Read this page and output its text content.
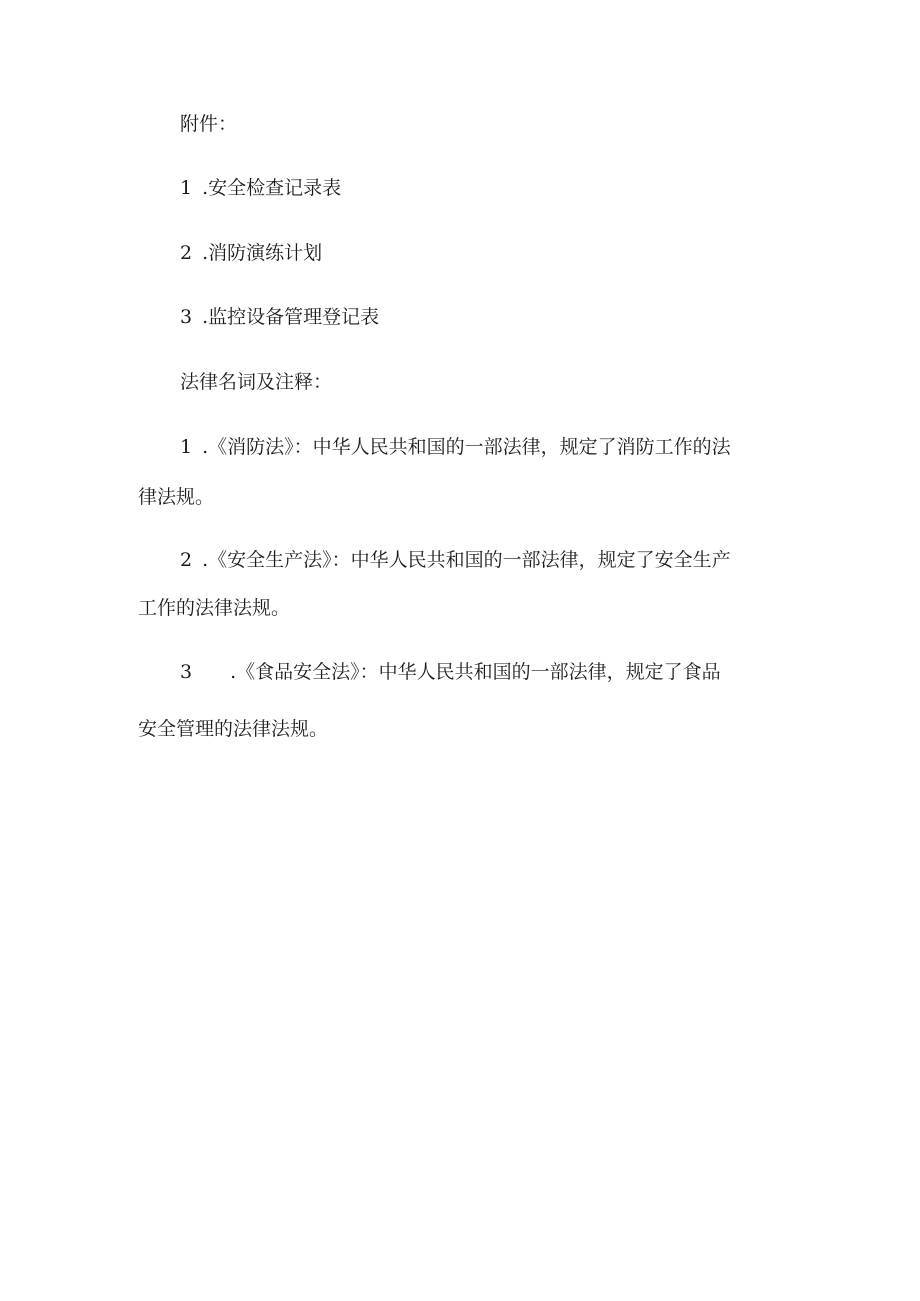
附件：
1 .安全检查记录表
2 .消防演练计划
3 .监控设备管理登记表
法律名词及注释：
1 .《消防法》：中华人民共和国的一部法律，规定了消防工作的法
律法规。
2 .《安全生产法》：中华人民共和国的一部法律，规定了安全生产
工作的法律法规。
3 .《食品安全法》：中华人民共和国的一部法律，规定了食品
安全管理的法律法规。
